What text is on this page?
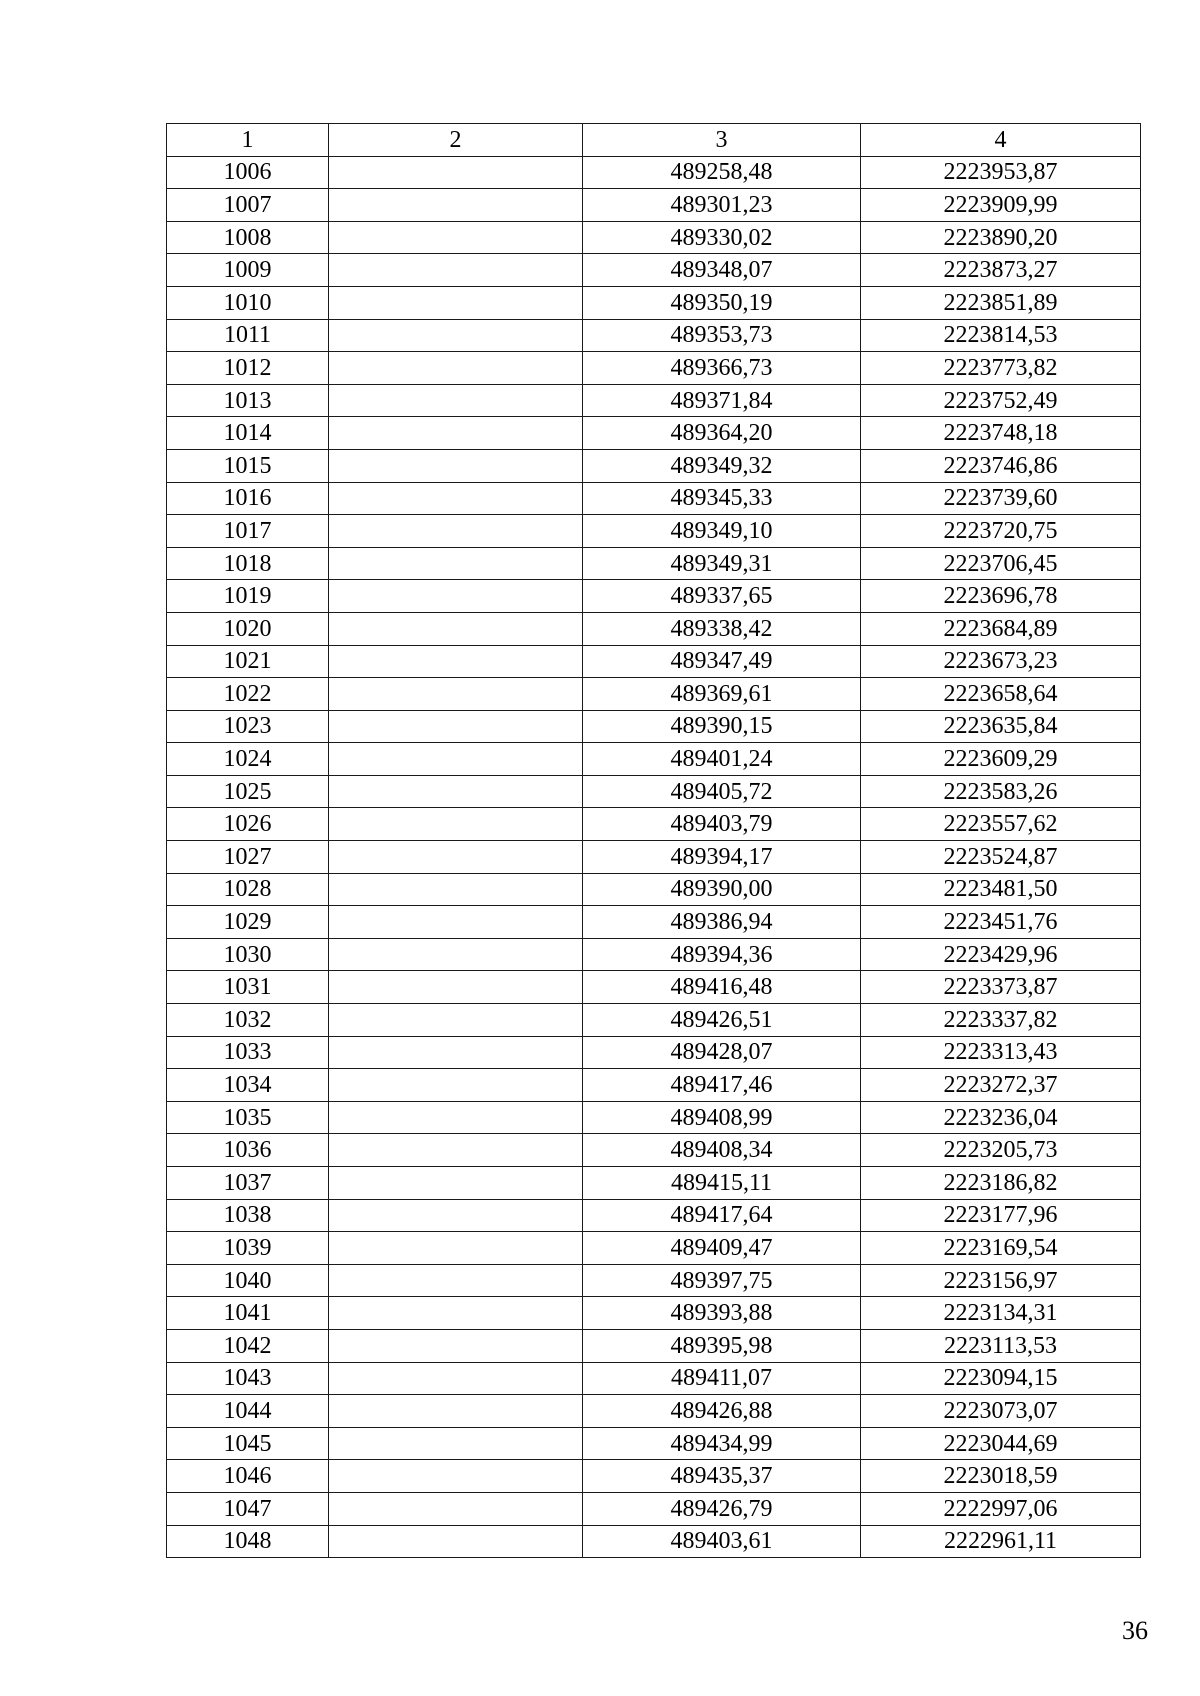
1	2	3	4
1006		489258,48	2223953,87
1007		489301,23	2223909,99
1008		489330,02	2223890,20
1009		489348,07	2223873,27
1010		489350,19	2223851,89
1011		489353,73	2223814,53
1012		489366,73	2223773,82
1013		489371,84	2223752,49
1014		489364,20	2223748,18
1015		489349,32	2223746,86
1016		489345,33	2223739,60
1017		489349,10	2223720,75
1018		489349,31	2223706,45
1019		489337,65	2223696,78
1020		489338,42	2223684,89
1021		489347,49	2223673,23
1022		489369,61	2223658,64
1023		489390,15	2223635,84
1024		489401,24	2223609,29
1025		489405,72	2223583,26
1026		489403,79	2223557,62
1027		489394,17	2223524,87
1028		489390,00	2223481,50
1029		489386,94	2223451,76
1030		489394,36	2223429,96
1031		489416,48	2223373,87
1032		489426,51	2223337,82
1033		489428,07	2223313,43
1034		489417,46	2223272,37
1035		489408,99	2223236,04
1036		489408,34	2223205,73
1037		489415,11	2223186,82
1038		489417,64	2223177,96
1039		489409,47	2223169,54
1040		489397,75	2223156,97
1041		489393,88	2223134,31
1042		489395,98	2223113,53
1043		489411,07	2223094,15
1044		489426,88	2223073,07
1045		489434,99	2223044,69
1046		489435,37	2223018,59
1047		489426,79	2222997,06
1048		489403,61	2222961,11
36
